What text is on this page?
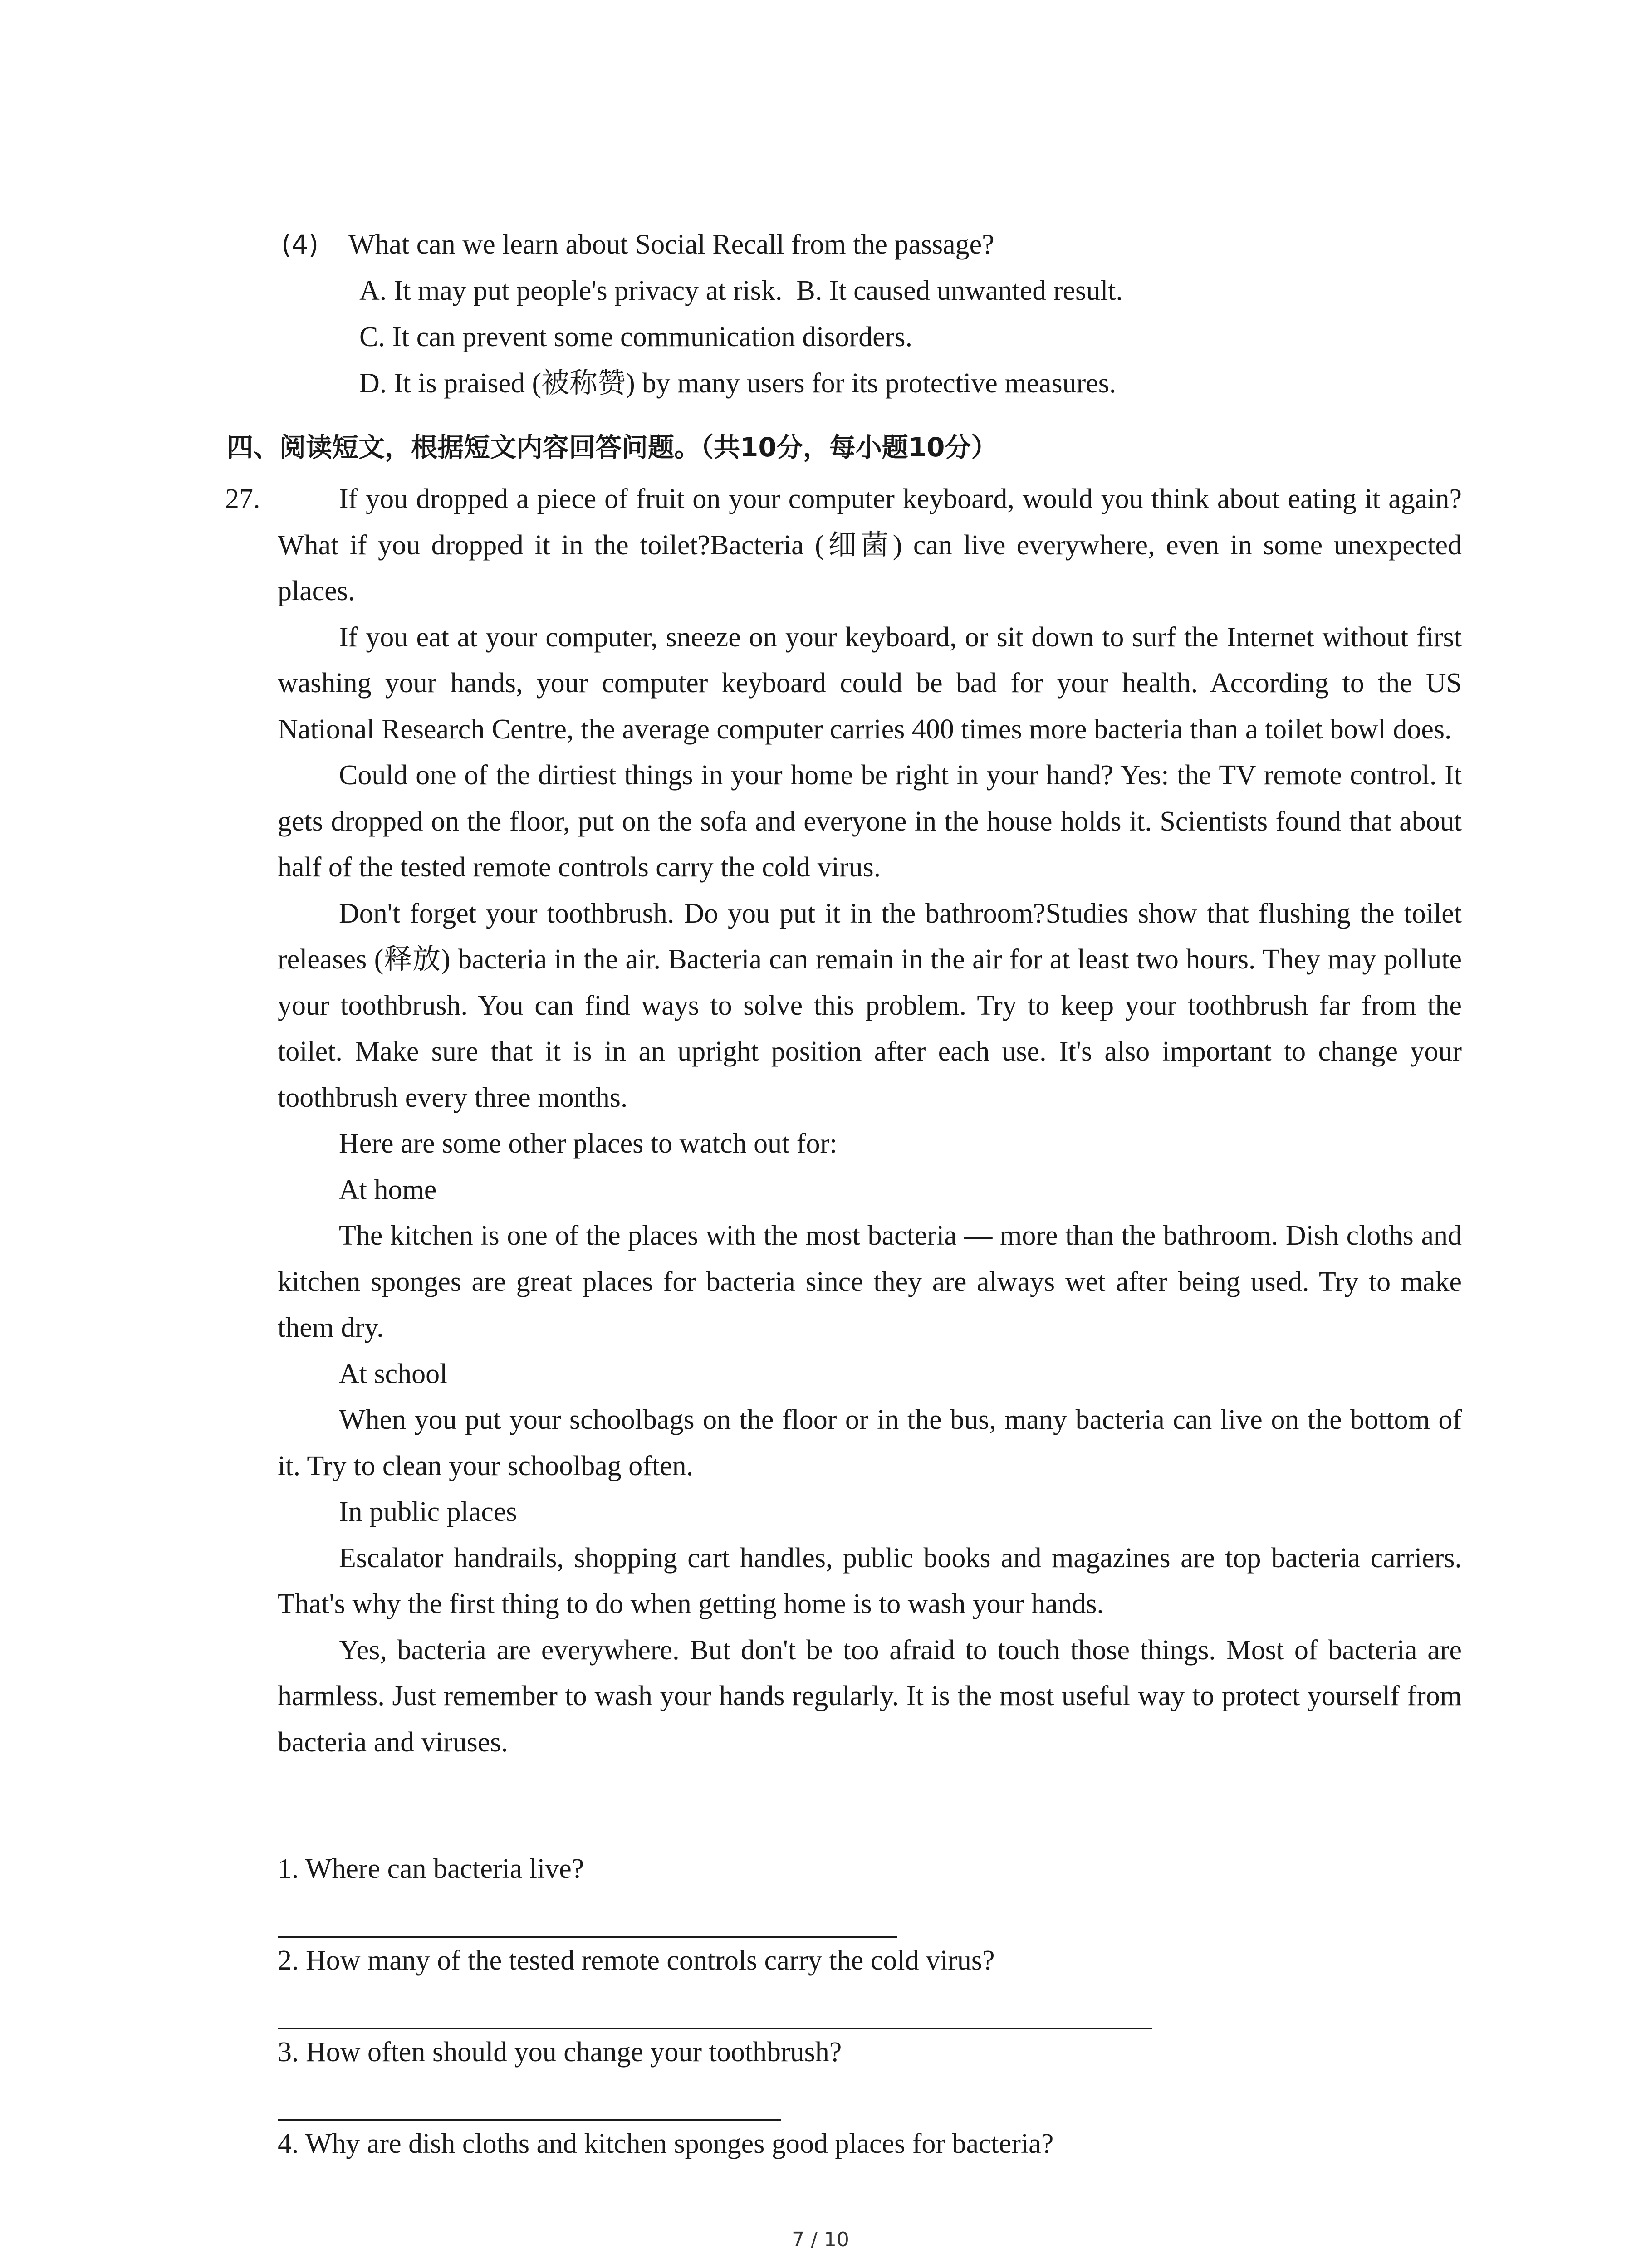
(4) What can we learn about Social Recall from the passage?
A. It may put people's privacy at risk. B. It caused unwanted result.
C. It can prevent some communication disorders.
D. It is praised (被称赞) by many users for its protective measures.
四、阅读短文，根据短文内容回答问题。（共10分，每小题10分）
27.	If you dropped a piece of fruit on your computer keyboard, would you think about eating it again? What if you dropped it in the toilet?Bacteria (细菌) can live everywhere, even in some unexpected places.

If you eat at your computer, sneeze on your keyboard, or sit down to surf the Internet without first washing your hands, your computer keyboard could be bad for your health. According to the US National Research Centre, the average computer carries 400 times more bacteria than a toilet bowl does.

Could one of the dirtiest things in your home be right in your hand? Yes: the TV remote control. It gets dropped on the floor, put on the sofa and everyone in the house holds it. Scientists found that about half of the tested remote controls carry the cold virus.

Don't forget your toothbrush. Do you put it in the bathroom?Studies show that flushing the toilet releases (释放) bacteria in the air. Bacteria can remain in the air for at least two hours. They may pollute your toothbrush. You can find ways to solve this problem. Try to keep your toothbrush far from the toilet. Make sure that it is in an upright position after each use. It's also important to change your toothbrush every three months.

Here are some other places to watch out for:

At home

The kitchen is one of the places with the most bacteria — more than the bathroom. Dish cloths and kitchen sponges are great places for bacteria since they are always wet after being used. Try to make them dry.

At school

When you put your schoolbags on the floor or in the bus, many bacteria can live on the bottom of it. Try to clean your schoolbag often.

In public places

Escalator handrails, shopping cart handles, public books and magazines are top bacteria carriers. That's why the first thing to do when getting home is to wash your hands.

Yes, bacteria are everywhere. But don't be too afraid to touch those things. Most of bacteria are harmless. Just remember to wash your hands regularly. It is the most useful way to protect yourself from bacteria and viruses.

1. Where can bacteria live?
2. How many of the tested remote controls carry the cold virus?
3. How often should you change your toothbrush?
4. Why are dish cloths and kitchen sponges good places for bacteria?
7 / 10
